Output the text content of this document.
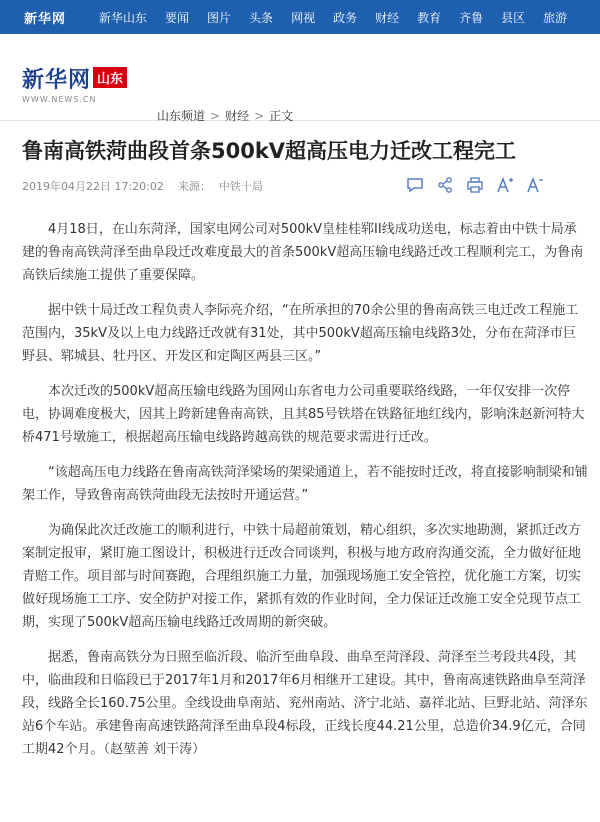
新华网	新华山东	要闻	图片	头条	网视	政务	财经	教育	齐鲁	县区	旅游
新华网 山东
WWW.NEWS.CN
山东频道 > 财经 > 正文
鲁南高铁菏曲段首条500kV超高压电力迁改工程完工
2019年04月22日 17:20:02 来源： 中铁十局

4月18日，在山东菏泽，国家电网公司对500kV皇桂桂郓II线成功送电，标志着由中铁十局承建的鲁南高铁菏泽至曲阜段迁改难度最大的首条500kV超高压输电线路迁改工程顺利完工，为鲁南高铁后续施工提供了重要保障。

据中铁十局迁改工程负责人李际亮介绍，“在所承担的70余公里的鲁南高铁三电迁改工程施工范围内，35kV及以上电力线路迁改就有31处，其中500kV超高压输电线路3处，分布在菏泽市巨野县、郓城县、牡丹区、开发区和定陶区两县三区。”

本次迁改的500kV超高压输电线路为国网山东省电力公司重要联络线路，一年仅安排一次停电，协调难度极大，因其上跨新建鲁南高铁，且其85号铁塔在铁路征地红线内，影响洙赵新河特大桥471号墩施工，根据超高压输电线路跨越高铁的规范要求需进行迁改。

“该超高压电力线路在鲁南高铁菏泽梁场的架梁通道上，若不能按时迁改，将直接影响制梁和铺架工作，导致鲁南高铁菏曲段无法按时开通运营。”

为确保此次迁改施工的顺利进行，中铁十局超前策划，精心组织，多次实地勘测，紧抓迁改方案制定报审，紧盯施工图设计，积极进行迁改合同谈判，积极与地方政府沟通交流，全力做好征地青赔工作。项目部与时间赛跑，合理组织施工力量，加强现场施工安全管控，优化施工方案，切实做好现场施工工序、安全防护对接工作，紧抓有效的作业时间，全力保证迁改施工安全兑现节点工期，实现了500kV超高压输电线路迁改周期的新突破。

据悉，鲁南高铁分为日照至临沂段、临沂至曲阜段、曲阜至菏泽段、菏泽至兰考段共4段，其中，临曲段和日临段已于2017年1月和2017年6月相继开工建设。其中，鲁南高速铁路曲阜至菏泽段，线路全长160.75公里。全线设曲阜南站、兖州南站、济宁北站、嘉祥北站、巨野北站、菏泽东站6个车站。承建鲁南高速铁路菏泽至曲阜段4标段，正线长度44.21公里，总造价34.9亿元，合同工期42个月。（赵堃善 刘干涛）
